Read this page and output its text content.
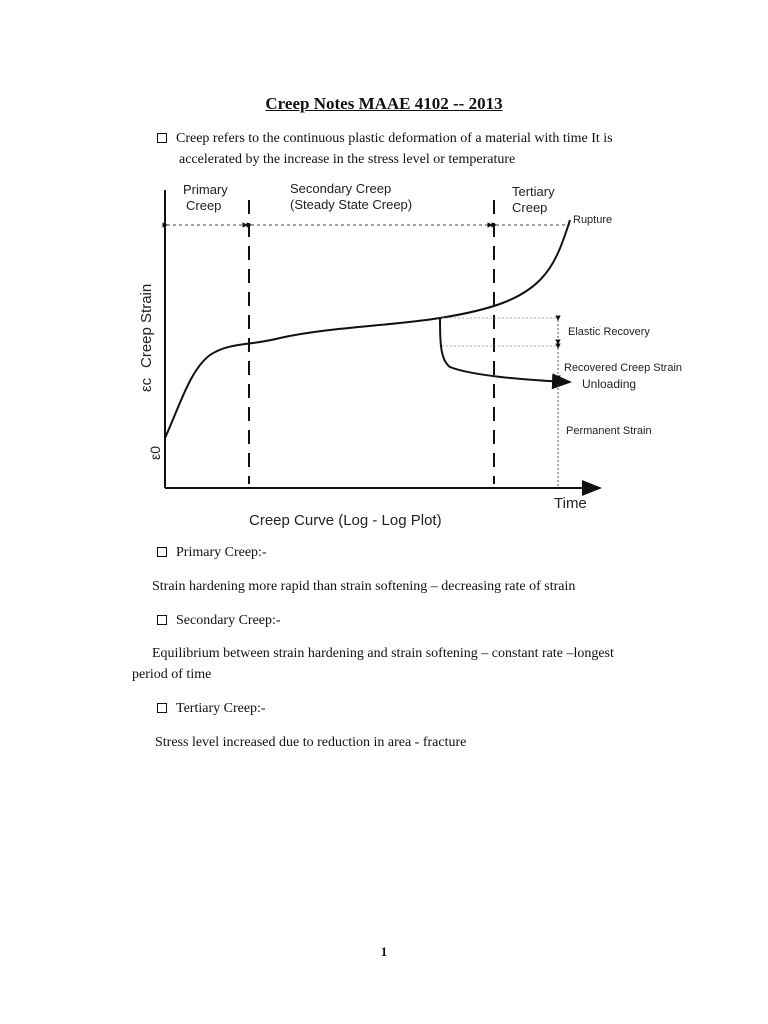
Creep Notes MAAE 4102 -- 2013
Creep refers to the continuous plastic deformation of a material with time It is
accelerated by the increase in the stress level or temperature
Primary
Creep
Secondary Creep
(Steady State Creep)
Tertiary
Creep
Rupture
Elastic Recovery
Recovered Creep Strain
Unloading
Permanent Strain
Creep Strain
εc
ε0
Time
Creep Curve (Log - Log Plot)
Primary Creep:-
Strain hardening more rapid than strain softening – decreasing rate of strain
Secondary Creep:-
Equilibrium between strain hardening and strain softening – constant rate –longest
period of time
Tertiary Creep:-
Stress level increased due to reduction in area - fracture
1
